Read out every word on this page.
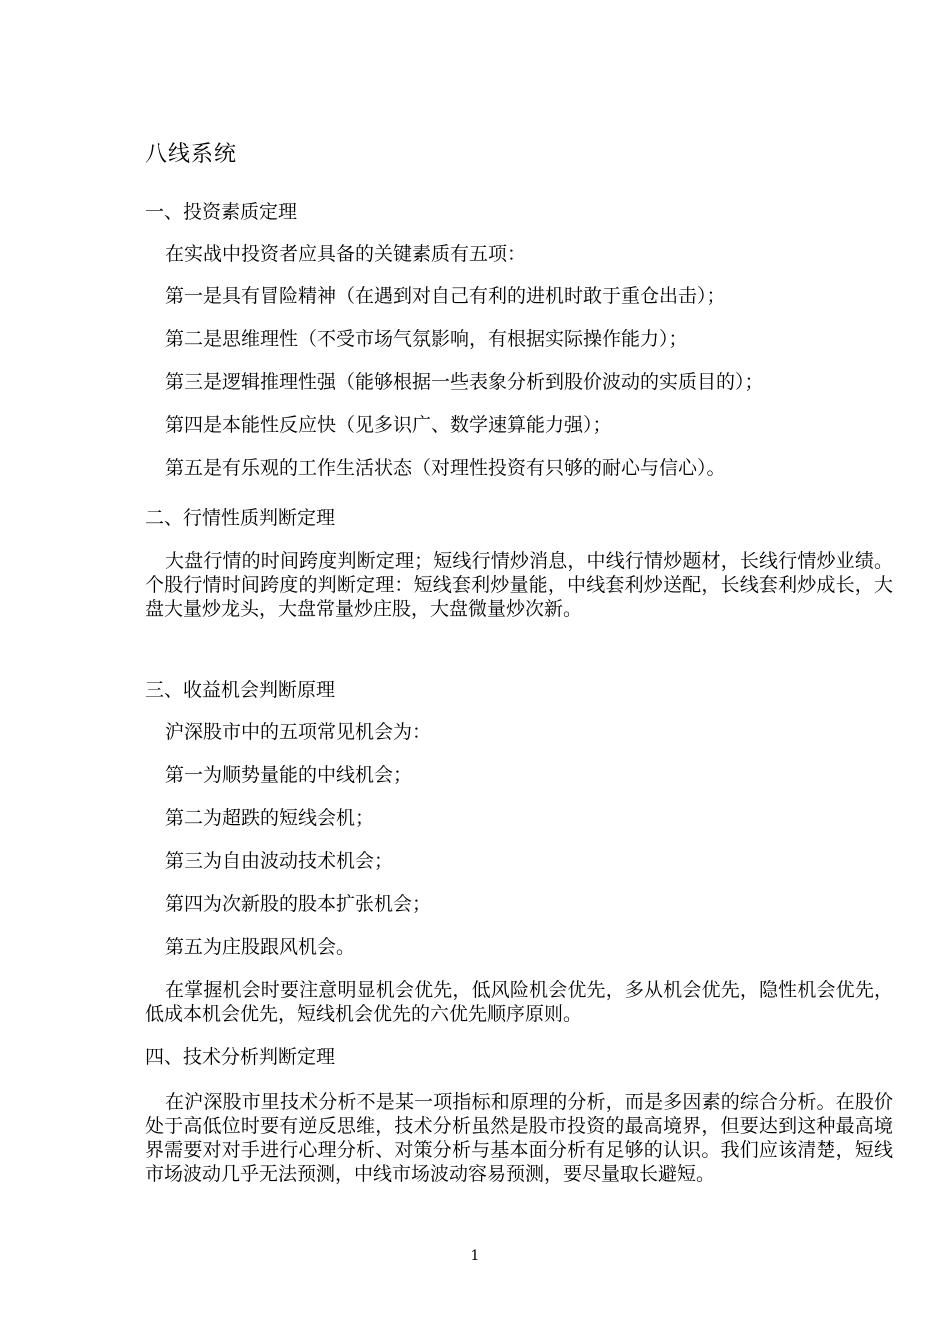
八线系统

一、投资素质定理

在实战中投资者应具备的关键素质有五项：

第一是具有冒险精神（在遇到对自己有利的进机时敢于重仓出击）；

第二是思维理性（不受市场气氛影响，有根据实际操作能力）；

第三是逻辑推理性强（能够根据一些表象分析到股价波动的实质目的）；

第四是本能性反应快（见多识广、数学速算能力强）；

第五是有乐观的工作生活状态（对理性投资有只够的耐心与信心）。

二、行情性质判断定理

大盘行情的时间跨度判断定理；短线行情炒消息，中线行情炒题材，长线行情炒业绩。个股行情时间跨度的判断定理：短线套利炒量能，中线套利炒送配，长线套利炒成长，大盘大量炒龙头，大盘常量炒庄股，大盘微量炒次新。

三、收益机会判断原理

沪深股市中的五项常见机会为：

第一为顺势量能的中线机会；

第二为超跌的短线会机；

第三为自由波动技术机会；

第四为次新股的股本扩张机会；

第五为庄股跟风机会。

在掌握机会时要注意明显机会优先，低风险机会优先，多从机会优先，隐性机会优先，低成本机会优先，短线机会优先的六优先顺序原则。

四、技术分析判断定理

在沪深股市里技术分析不是某一项指标和原理的分析，而是多因素的综合分析。在股价处于高低位时要有逆反思维，技术分析虽然是股市投资的最高境界，但要达到这种最高境界需要对对手进行心理分析、对策分析与基本面分析有足够的认识。我们应该清楚，短线市场波动几乎无法预测，中线市场波动容易预测，要尽量取长避短。

1
